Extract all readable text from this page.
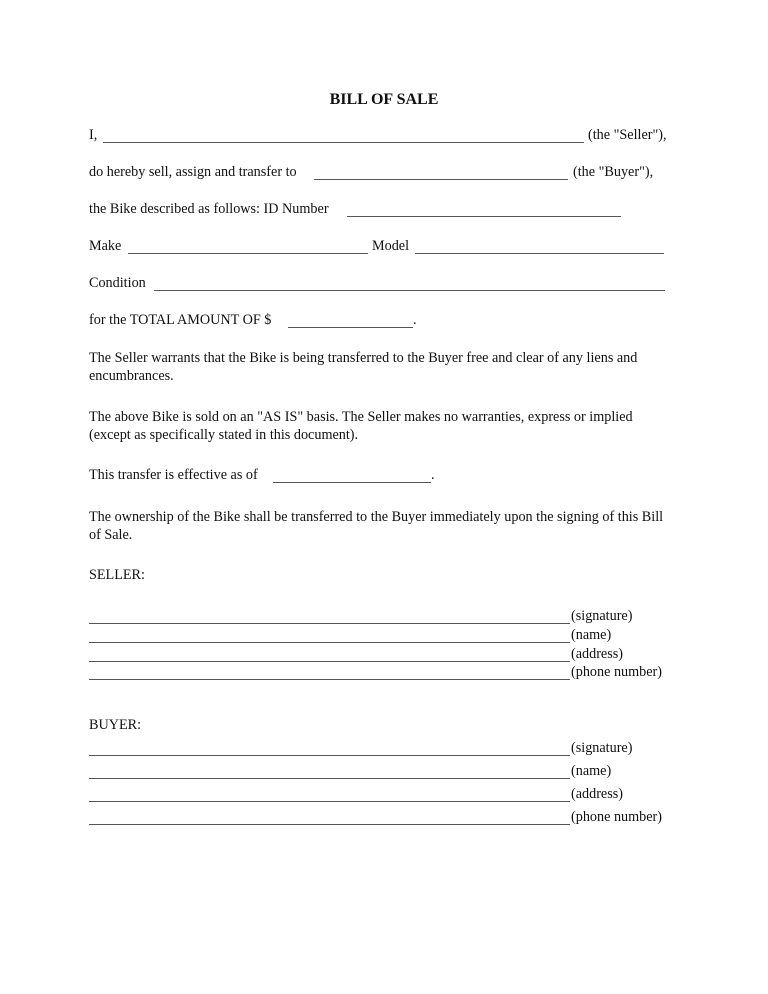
BILL OF SALE
I,	(the "Seller"),
do hereby sell, assign and transfer to	(the "Buyer"),
the Bike described as follows: ID Number
Make	Model
Condition
for the TOTAL AMOUNT OF $	.
The Seller warrants that the Bike is being transferred to the Buyer free and clear of any liens and encumbrances.
The above Bike is sold on an "AS IS" basis. The Seller makes no warranties, express or implied (except as specifically stated in this document).
This transfer is effective as of	.
The ownership of the Bike shall be transferred to the Buyer immediately upon the signing of this Bill of Sale.
SELLER:
(signature)
(name)
(address)
(phone number)
BUYER:
(signature)
(name)
(address)
(phone number)
